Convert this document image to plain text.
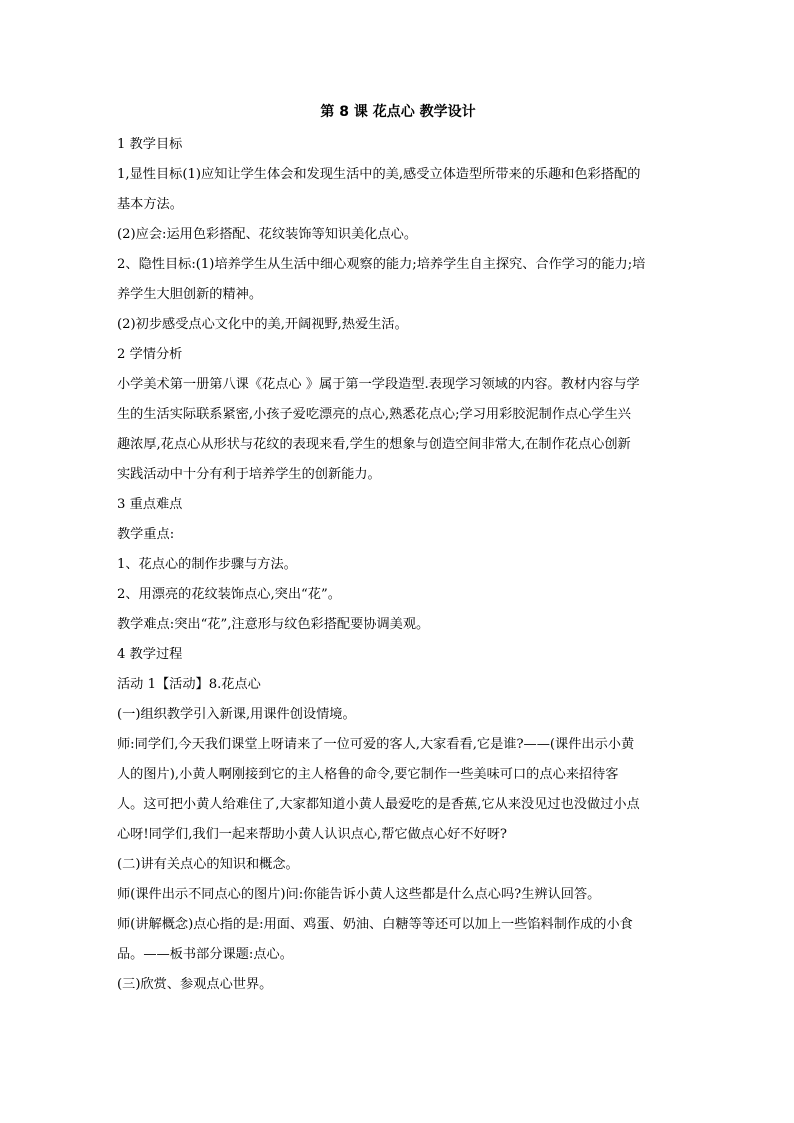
第 8 课 花点心 教学设计

1 教学目标

1,显性目标(1)应知让学生体会和发现生活中的美,感受立体造型所带来的乐趣和色彩搭配的

基本方法。

(2)应会:运用色彩搭配、花纹装饰等知识美化点心。

2、隐性目标:(1)培养学生从生活中细心观察的能力;培养学生自主探究、合作学习的能力;培

养学生大胆创新的精神。

(2)初步感受点心文化中的美,开阔视野,热爱生活。

2 学情分析

小学美术第一册第八课《花点心 》属于第一学段造型.表现学习领域的内容。教材内容与学

生的生活实际联系紧密,小孩子爱吃漂亮的点心,熟悉花点心;学习用彩胶泥制作点心学生兴

趣浓厚,花点心从形状与花纹的表现来看,学生的想象与创造空间非常大,在制作花点心创新

实践活动中十分有利于培养学生的创新能力。

3 重点难点

教学重点:

1、花点心的制作步骤与方法。

2、用漂亮的花纹装饰点心,突出“花”。

教学难点:突出“花”,注意形与纹色彩搭配要协调美观。

4 教学过程

活动 1【活动】8.花点心

(一)组织教学引入新课,用课件创设情境。

师:同学们,今天我们课堂上呀请来了一位可爱的客人,大家看看,它是谁?——(课件出示小黄

人的图片),小黄人啊刚接到它的主人格鲁的命令,要它制作一些美味可口的点心来招待客

人。这可把小黄人给难住了,大家都知道小黄人最爱吃的是香蕉,它从来没见过也没做过小点

心呀!同学们,我们一起来帮助小黄人认识点心,帮它做点心好不好呀?

(二)讲有关点心的知识和概念。

师(课件出示不同点心的图片)问:你能告诉小黄人这些都是什么点心吗?生辨认回答。

师(讲解概念)点心指的是:用面、鸡蛋、奶油、白糖等等还可以加上一些馅料制作成的小食

品。——板书部分课题:点心。

(三)欣赏、参观点心世界。
